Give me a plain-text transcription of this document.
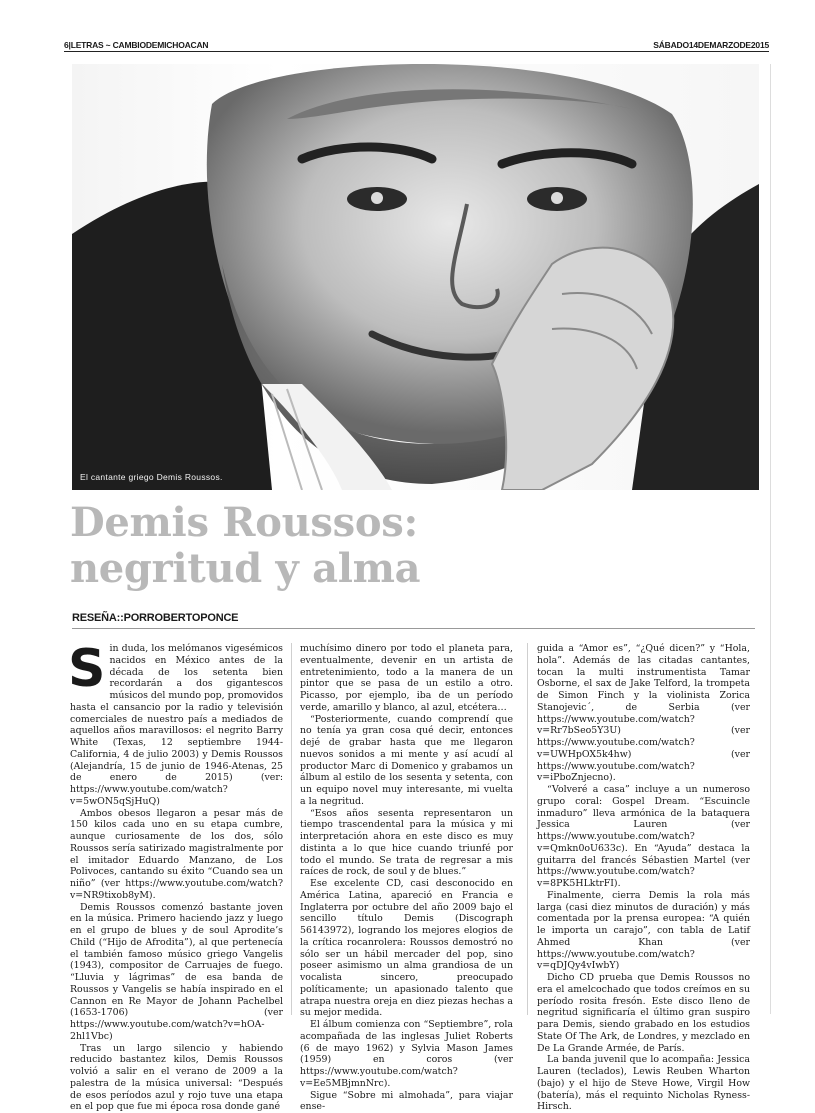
6|LETRAS ~ CAMBIODEMICHOACAN	SÁBADO14DEMARZODE2015
El cantante griego Demis Roussos.
Demis Roussos:
negritud y alma
RESEÑA::PORROBERTOPONCE
S in duda, los melómanos vigesémicos nacidos en México antes de la década de los setenta bien recordarán a dos gigantescos músicos del mundo pop, promovidos hasta el cansancio por la radio y televisión comerciales de nuestro país a mediados de aquellos años maravillosos: el negrito Barry White (Texas, 12 septiembre 1944-California, 4 de julio 2003) y Demis Roussos (Alejandría, 15 de junio de 1946-Atenas, 25 de enero de 2015) (ver: https://www.youtube.com/watch?v=5wON5qSjHuQ)

Ambos obesos llegaron a pesar más de 150 kilos cada uno en su etapa cumbre, aunque curiosamente de los dos, sólo Roussos sería satirizado magistralmente por el imitador Eduardo Manzano, de Los Polivoces, cantando su éxito “Cuando sea un niño” (ver https://www.youtube.com/watch?v=NR9tixob8yM).

Demis Roussos comenzó bastante joven en la música. Primero haciendo jazz y luego en el grupo de blues y de soul Aprodite’s Child (“Hijo de Afrodita”), al que pertenecía el también famoso músico griego Vangelis (1943), compositor de Carruajes de fuego. “Lluvia y lágrimas” de esa banda de Roussos y Vangelis se había inspirado en el Cannon en Re Mayor de Johann Pachelbel (1653-1706) (ver https://www.youtube.com/watch?v=hOA-2hl1Vbc)

Tras un largo silencio y habiendo reducido bastantez kilos, Demis Roussos volvió a salir en el verano de 2009 a la palestra de la música universal: “Después de esos períodos azul y rojo tuve una etapa en el pop que fue mi época rosa donde gané

muchísimo dinero por todo el planeta para, eventualmente, devenir en un artista de entretenimiento, todo a la manera de un pintor que se pasa de un estilo a otro. Picasso, por ejemplo, iba de un período verde, amarillo y blanco, al azul, etcétera…

“Posteriormente, cuando comprendí que no tenía ya gran cosa qué decir, entonces dejé de grabar hasta que me llegaron nuevos sonidos a mi mente y así acudí al productor Marc di Domenico y grabamos un álbum al estilo de los sesenta y setenta, con un equipo novel muy interesante, mi vuelta a la negritud.

“Esos años sesenta representaron un tiempo trascendental para la música y mi interpretación ahora en este disco es muy distinta a lo que hice cuando triunfé por todo el mundo. Se trata de regresar a mis raíces de rock, de soul y de blues.”

Ese excelente CD, casi desconocido en América Latina, apareció en Francia e Inglaterra por octubre del año 2009 bajo el sencillo título Demis (Discograph 56143972), logrando los mejores elogios de la crítica rocanrolera: Roussos demostró no sólo ser un hábil mercader del pop, sino poseer asimismo un alma grandiosa de un vocalista sincero, preocupado políticamente; un apasionado talento que atrapa nuestra oreja en diez piezas hechas a su mejor medida.

El álbum comienza con “Septiembre”, rola acompañada de las inglesas Juliet Roberts (6 de mayo 1962) y Sylvia Mason James (1959) en coros (ver https://www.youtube.com/watch?v=Ee5MBjmnNrc).

Sigue “Sobre mi almohada”, para viajar ense-

guida a “Amor es”, “¿Qué dicen?” y “Hola, hola”. Además de las citadas cantantes, tocan la multi instrumentista Tamar Osborne, el sax de Jake Telford, la trompeta de Simon Finch y la violinista Zorica Stanojevic´, de Serbia (ver https://www.youtube.com/watch?v=Rr7bSeo5Y3U) (ver https://www.youtube.com/watch?v=UWHpOX5k4hw) (ver https://www.youtube.com/watch?v=iPboZnjecno).

“Volveré a casa” incluye a un numeroso grupo coral: Gospel Dream. “Escuincle inmaduro” lleva armónica de la bataquera Jessica Lauren (ver https://www.youtube.com/watch?v=Qmkn0oU633c). En “Ayuda” destaca la guitarra del francés Sébastien Martel (ver https://www.youtube.com/watch?v=8PK5HLktrFI).

Finalmente, cierra Demis la rola más larga (casi diez minutos de duración) y más comentada por la prensa europea: “A quién le importa un carajo”, con tabla de Latif Ahmed Khan (ver https://www.youtube.com/watch?v=qDJQy4vIwbY)

Dicho CD prueba que Demis Roussos no era el amelcochado que todos creímos en su período rosita fresón. Este disco lleno de negritud significaría el último gran suspiro para Demis, siendo grabado en los estudios State Of The Ark, de Londres, y mezclado en De La Grande Armée, de París.

La banda juvenil que lo acompaña: Jessica Lauren (teclados), Lewis Reuben Wharton (bajo) y el hijo de Steve Howe, Virgil How (batería), más el requinto Nicholas Ryness-Hirsch.
